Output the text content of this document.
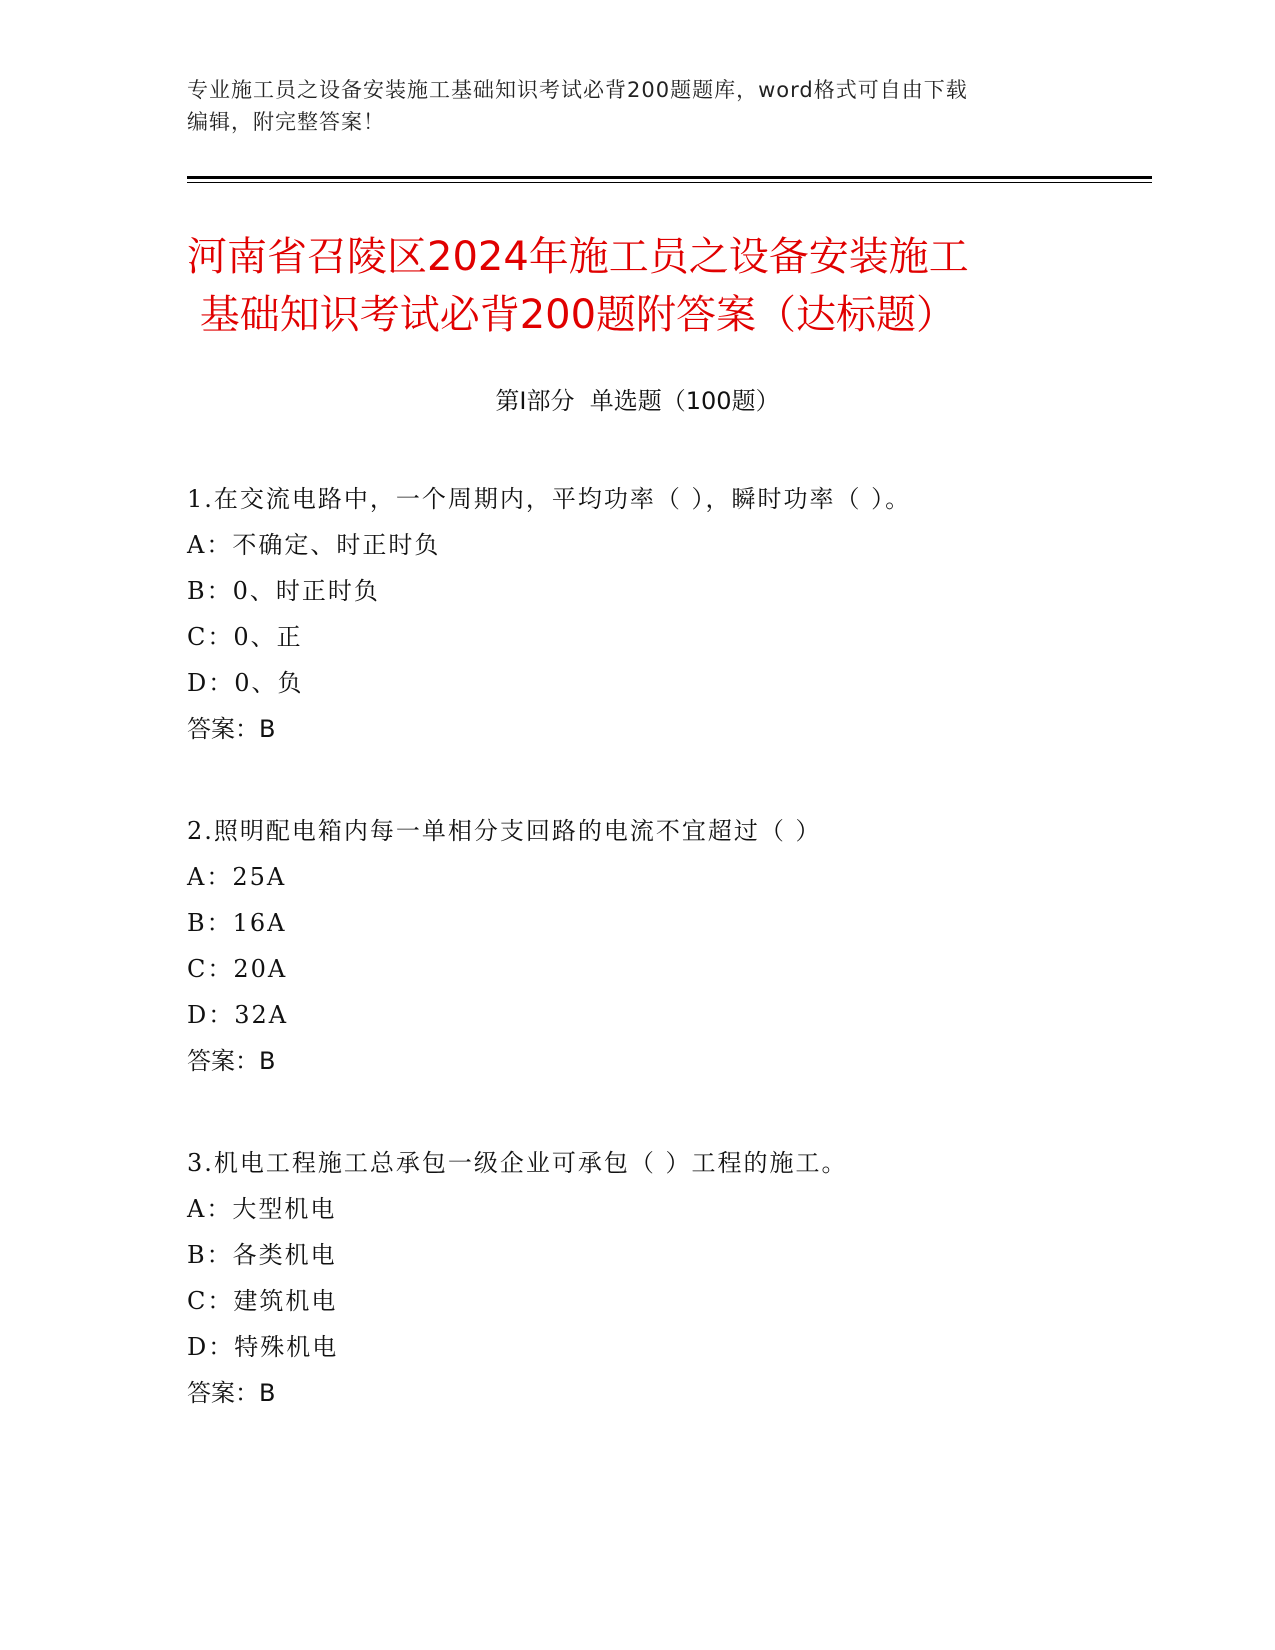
专业施工员之设备安装施工基础知识考试必背200题题库，word格式可自由下载
编辑，附完整答案！
河南省召陵区2024年施工员之设备安装施工
基础知识考试必背200题附答案（达标题）
第Ⅰ部分  单选题（100题）
1.在交流电路中，一个周期内，平均功率（ ），瞬时功率（ ）。
A：不确定、时正时负
B：0、时正时负
C：0、正
D：0、负
答案：B
2.照明配电箱内每一单相分支回路的电流不宜超过（ ）
A：25A
B：16A
C：20A
D：32A
答案：B
3.机电工程施工总承包一级企业可承包（ ）工程的施工。
A：大型机电
B：各类机电
C：建筑机电
D：特殊机电
答案：B
